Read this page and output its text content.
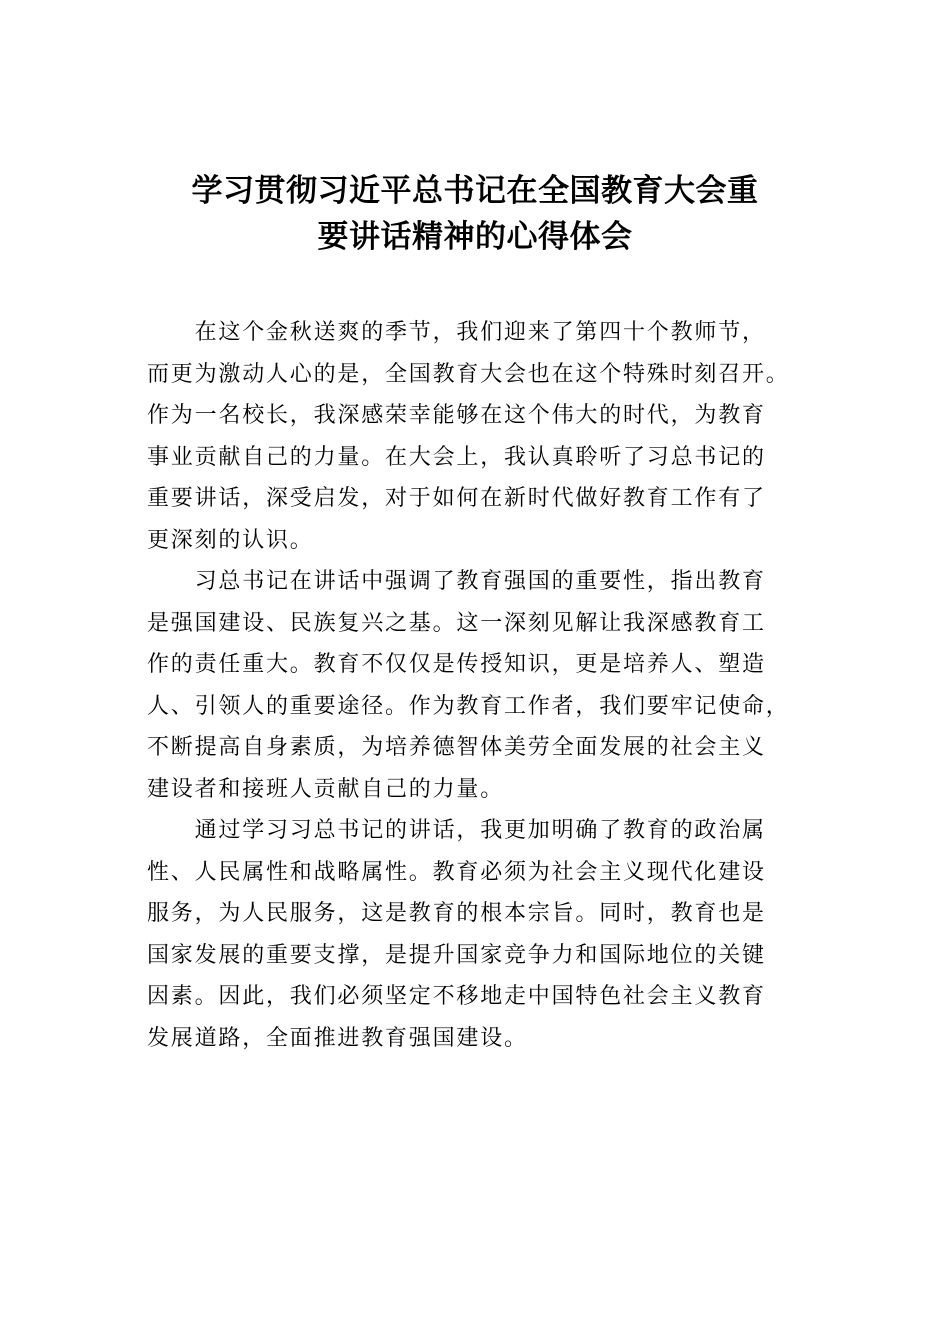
学习贯彻习近平总书记在全国教育大会重
要讲话精神的心得体会
　　在这个金秋送爽的季节，我们迎来了第四十个教师节，
而更为激动人心的是，全国教育大会也在这个特殊时刻召开。
作为一名校长，我深感荣幸能够在这个伟大的时代，为教育
事业贡献自己的力量。在大会上，我认真聆听了习总书记的
重要讲话，深受启发，对于如何在新时代做好教育工作有了
更深刻的认识。
　　习总书记在讲话中强调了教育强国的重要性，指出教育
是强国建设、民族复兴之基。这一深刻见解让我深感教育工
作的责任重大。教育不仅仅是传授知识，更是培养人、塑造
人、引领人的重要途径。作为教育工作者，我们要牢记使命，
不断提高自身素质，为培养德智体美劳全面发展的社会主义
建设者和接班人贡献自己的力量。
　　通过学习习总书记的讲话，我更加明确了教育的政治属
性、人民属性和战略属性。教育必须为社会主义现代化建设
服务，为人民服务，这是教育的根本宗旨。同时，教育也是
国家发展的重要支撑，是提升国家竞争力和国际地位的关键
因素。因此，我们必须坚定不移地走中国特色社会主义教育
发展道路，全面推进教育强国建设。
